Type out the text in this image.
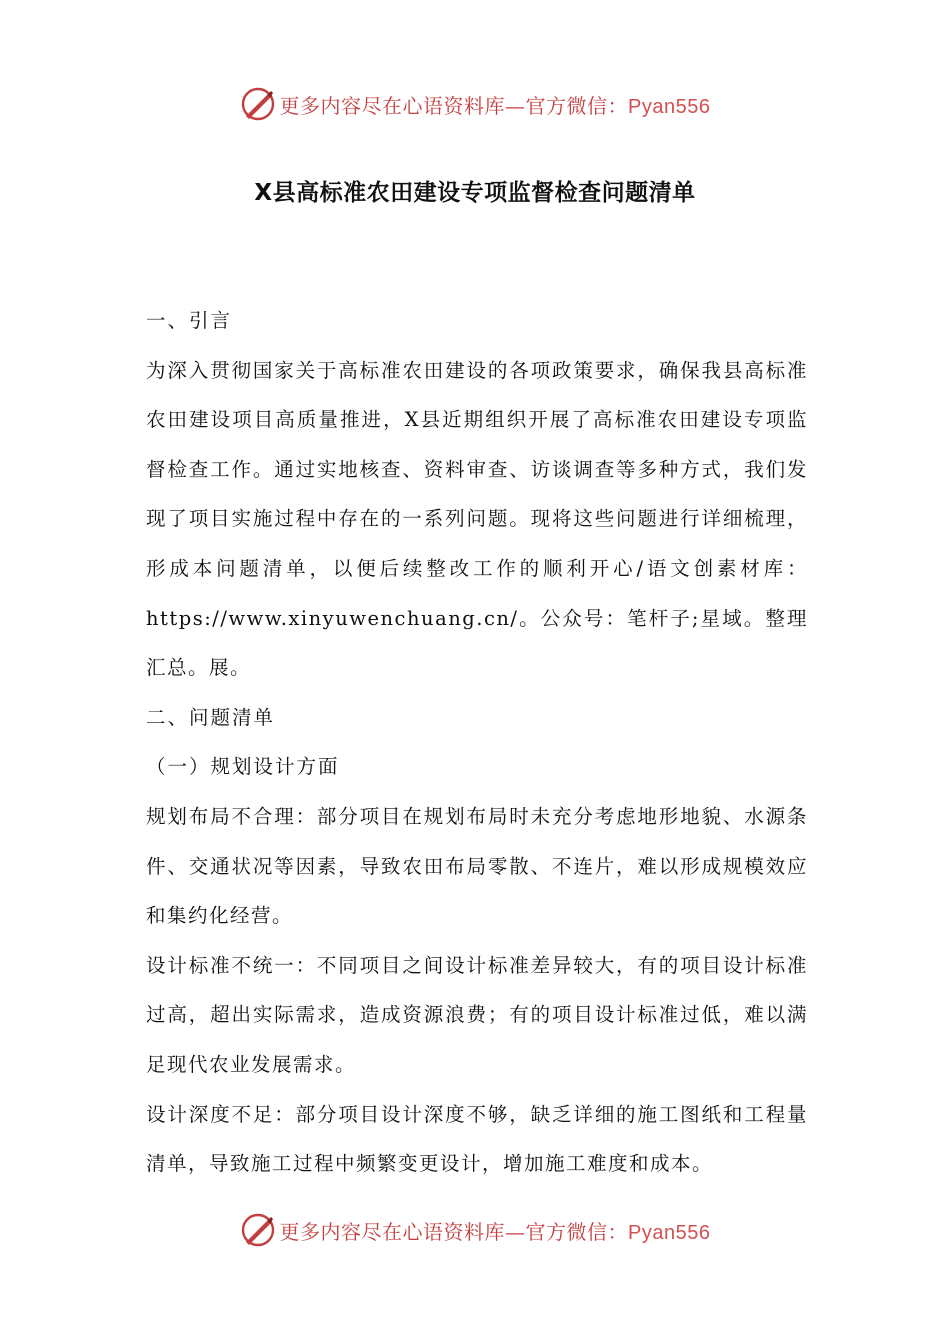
更多内容尽在心语资料库—官方微信：Pyan556
X县高标准农田建设专项监督检查问题清单

一、引言

为深入贯彻国家关于高标准农田建设的各项政策要求，确保我县高标准农田建设项目高质量推进，X县近期组织开展了高标准农田建设专项监督检查工作。通过实地核查、资料审查、访谈调查等多种方式，我们发现了项目实施过程中存在的一系列问题。现将这些问题进行详细梳理，形成本问题清单，以便后续整改工作的顺利开心/语文创素材库：https://www.xinyuwenchuang.cn/。公众号：笔杆子;星域。整理汇总。展。

二、问题清单

（一）规划设计方面

规划布局不合理：部分项目在规划布局时未充分考虑地形地貌、水源条件、交通状况等因素，导致农田布局零散、不连片，难以形成规模效应和集约化经营。

设计标准不统一：不同项目之间设计标准差异较大，有的项目设计标准过高，超出实际需求，造成资源浪费；有的项目设计标准过低，难以满足现代农业发展需求。

设计深度不足：部分项目设计深度不够，缺乏详细的施工图纸和工程量清单，导致施工过程中频繁变更设计，增加施工难度和成本。

更多内容尽在心语资料库—官方微信：Pyan556
